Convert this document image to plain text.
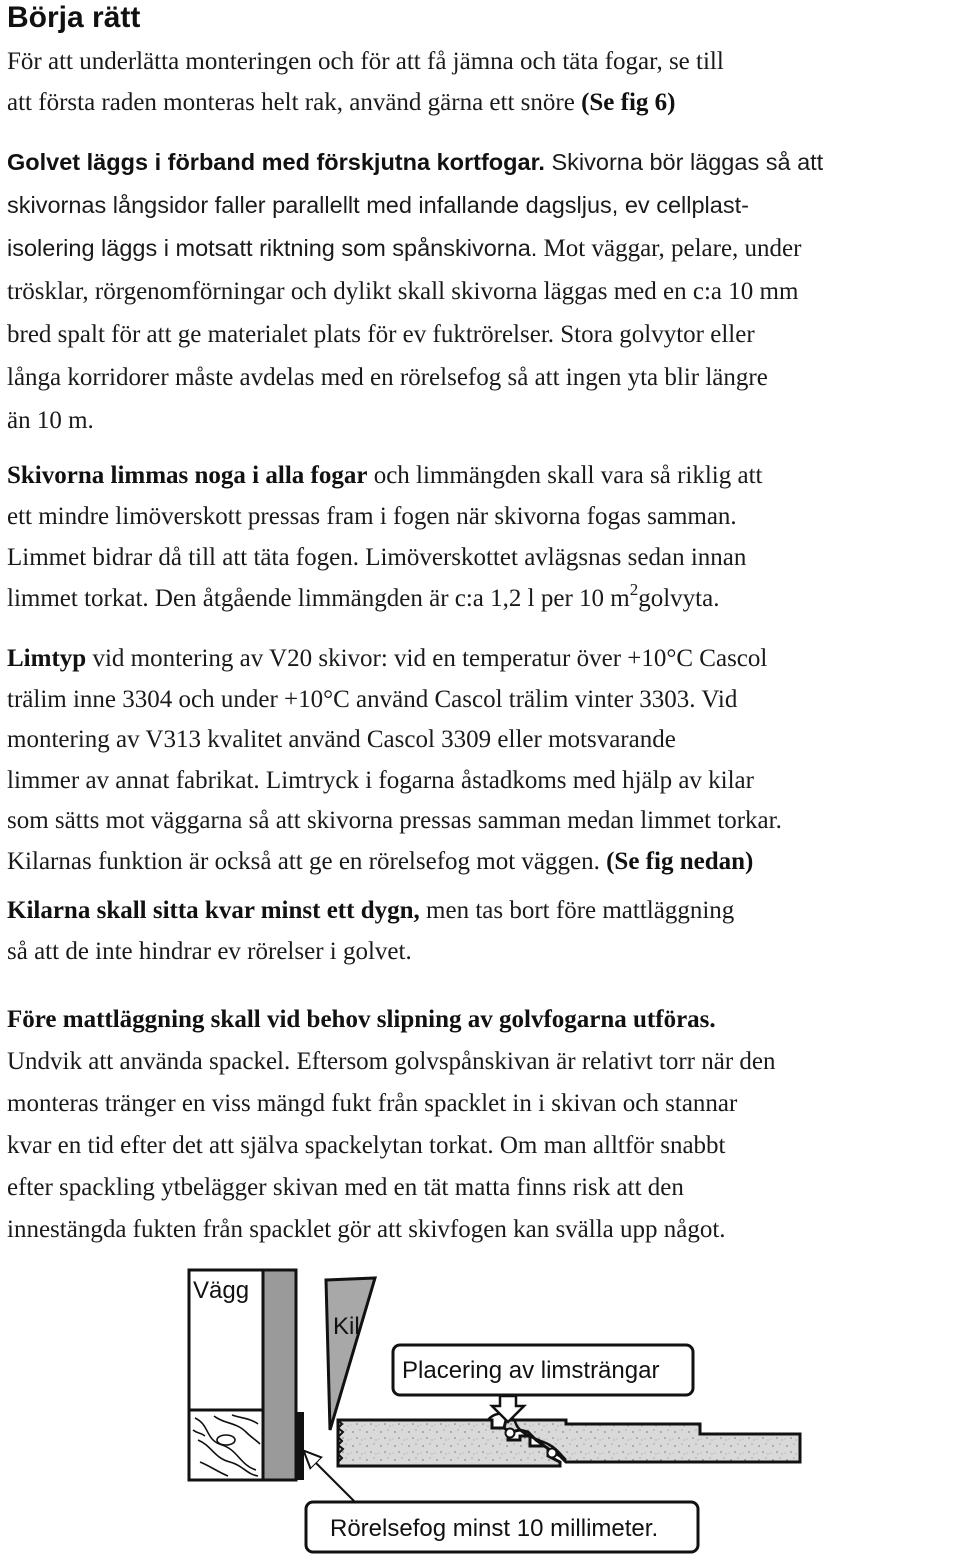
Börja rätt
För att underlätta monteringen och för att få jämna och täta fogar, se till
att första raden monteras helt rak, använd gärna ett snöre (Se fig 6)
Golvet läggs i förband med förskjutna kortfogar. Skivorna bör läggas så att
skivornas långsidor faller parallellt med infallande dagsljus, ev cellplast-
isolering läggs i motsatt riktning som spånskivorna. Mot väggar, pelare, under
trösklar, rörgenomförningar och dylikt skall skivorna läggas med en c:a 10 mm
bred spalt för att ge materialet plats för ev fuktrörelser. Stora golvytor eller
långa korridorer måste avdelas med en rörelsefog så att ingen yta blir längre
än 10 m.
Skivorna limmas noga i alla fogar och limmängden skall vara så riklig att
ett mindre limöverskott pressas fram i fogen när skivorna fogas samman.
Limmet bidrar då till att täta fogen. Limöverskottet avlägsnas sedan innan
limmet torkat. Den åtgående limmängden är c:a 1,2 l per 10 $m^2golvyta$.
Limtyp vid montering av V20 skivor: vid en temperatur över +10°C Cascol
trälim inne 3304 och under +10°C använd Cascol trälim vinter 3303. Vid
montering av V313 kvalitet använd Cascol 3309 eller motsvarande
limmer av annat fabrikat. Limtryck i fogarna åstadkoms med hjälp av kilar
som sätts mot väggarna så att skivorna pressas samman medan limmet torkar.
Kilarnas funktion är också att ge en rörelsefog mot väggen. (Se fig nedan)
Kilarna skall sitta kvar minst ett dygn, men tas bort före mattläggning
så att de inte hindrar ev rörelser i golvet.
Före mattläggning skall vid behov slipning av golvfogarna utföras.
Undvik att använda spackel. Eftersom golvspånskivan är relativt torr när den
monteras tränger en viss mängd fukt från spacklet in i skivan och stannar
kvar en tid efter det att själva spackelytan torkat. Om man alltför snabbt
efter spackling ytbelägger skivan med en tät matta finns risk att den
innestängda fukten från spacklet gör att skivfogen kan svälla upp något.
Vägg
Kil
Placering av limsträngar
Rörelsefog minst 10 millimeter.
